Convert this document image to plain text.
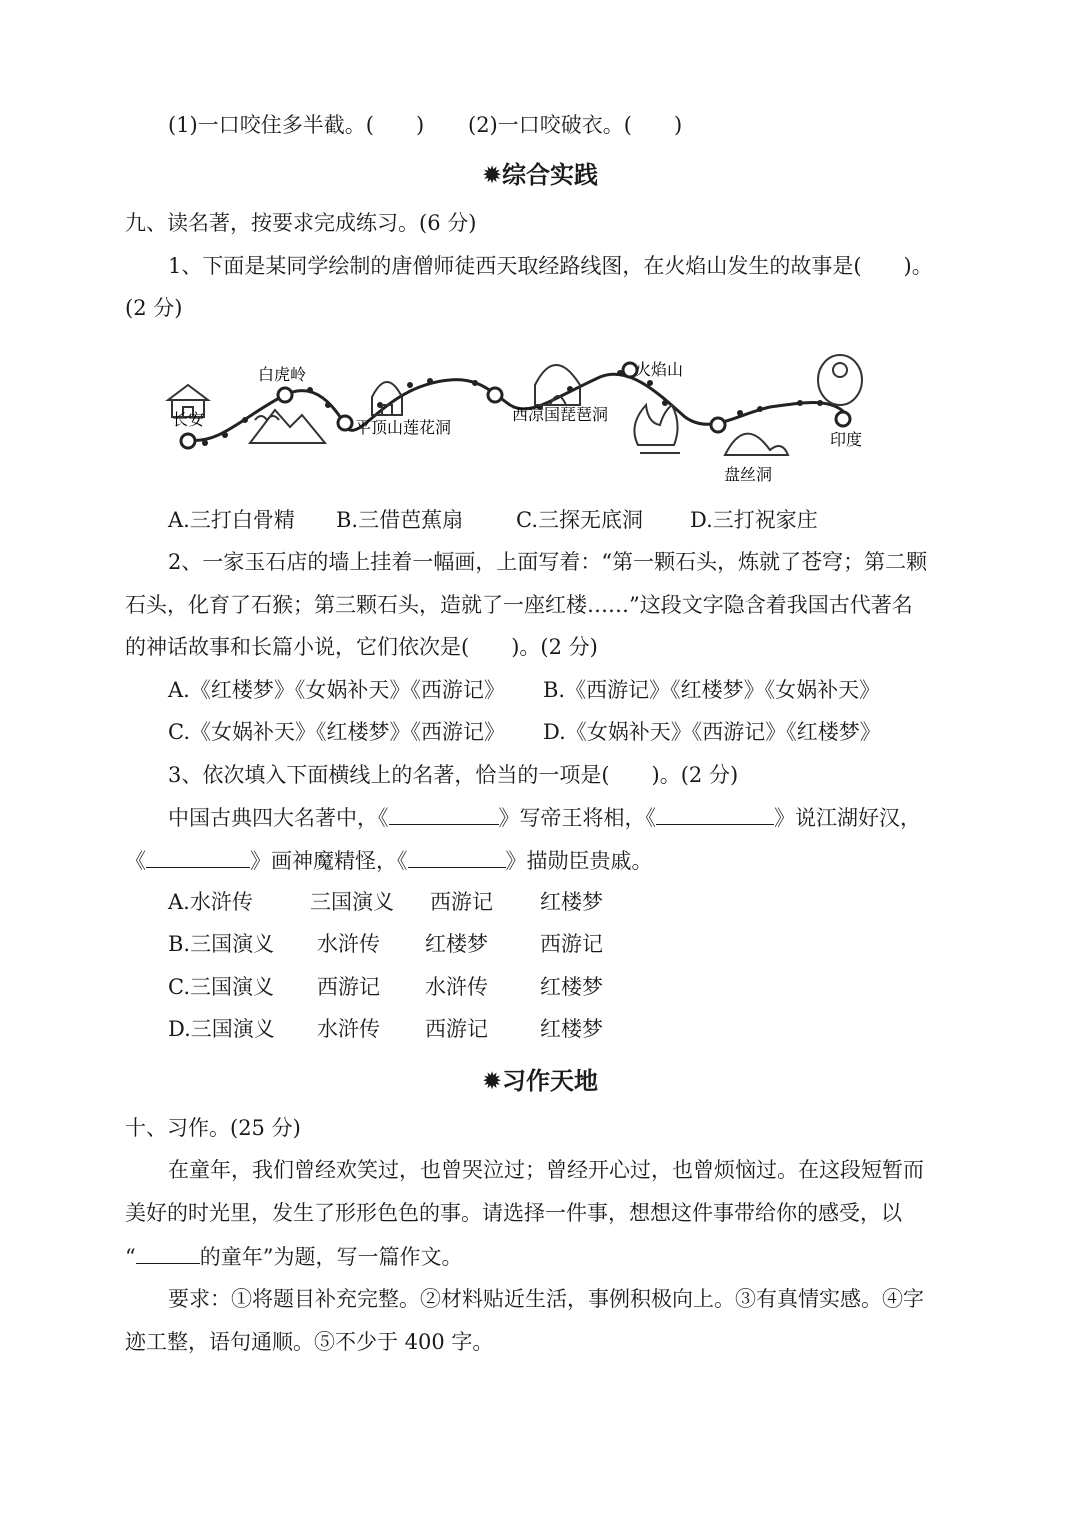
(1)一口咬住多半截。(　　) (2)一口咬破衣。(　　)
✹综合实践
九、读名著，按要求完成练习。(6 分)
1、下面是某同学绘制的唐僧师徒西天取经路线图，在火焰山发生的故事是(　　)。
(2 分)
长安
白虎岭
平顶山莲花洞
西凉国琵琶洞
火焰山
盘丝洞
印度
A.三打白骨精 B.三借芭蕉扇	C.三探无底洞 D.三打祝家庄
2、一家玉石店的墙上挂着一幅画，上面写着：“第一颗石头，炼就了苍穹；第二颗
石头，化育了石猴；第三颗石头，造就了一座红楼……”这段文字隐含着我国古代著名
的神话故事和长篇小说，它们依次是(　　)。(2 分)
A.《红楼梦》《女娲补天》《西游记》 B.《西游记》《红楼梦》《女娲补天》
C.《女娲补天》《红楼梦》《西游记》 D.《女娲补天》《西游记》《红楼梦》
3、依次填入下面横线上的名著，恰当的一项是(　　)。(2 分)
中国古典四大名著中，《	》写帝王将相，《	》说江湖好汉，
《	》画神魔精怪，《	》描勋臣贵戚。
A.水浒传	三国演义 西游记 红楼梦
B.三国演义 水浒传 红楼梦 西游记
C.三国演义 西游记 水浒传 红楼梦
D.三国演义 水浒传 西游记 红楼梦
✹习作天地
十、习作。(25 分)
在童年，我们曾经欢笑过，也曾哭泣过；曾经开心过，也曾烦恼过。在这段短暂而
美好的时光里，发生了形形色色的事。请选择一件事，想想这件事带给你的感受，以
“	的童年”为题，写一篇作文。
要求：①将题目补充完整。②材料贴近生活，事例积极向上。③有真情实感。④字
迹工整，语句通顺。⑤不少于 400 字。
